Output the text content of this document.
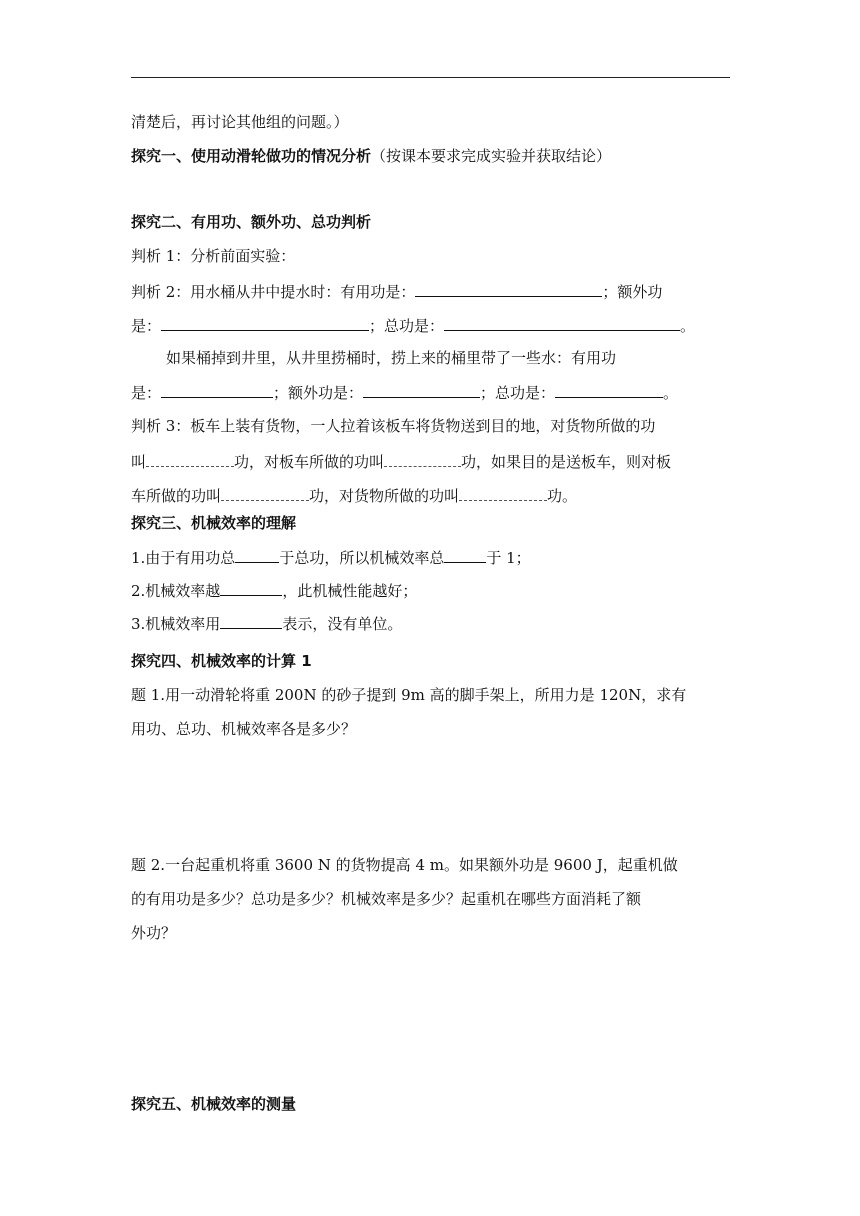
清楚后，再讨论其他组的问题。）
探究一、使用动滑轮做功的情况分析（按课本要求完成实验并获取结论）
探究二、有用功、额外功、总功判析
判析 1：分析前面实验：
判析 2：用水桶从井中提水时：有用功是：	；额外功
是：	；总功是：	。
如果桶掉到井里，从井里捞桶时，捞上来的桶里带了一些水：有用功
是：	；额外功是：	；总功是：	。
判析 3：板车上装有货物，一人拉着该板车将货物送到目的地，对货物所做的功
叫	功，对板车所做的功叫	功，如果目的是送板车，则对板
车所做的功叫	功，对货物所做的功叫	功。
探究三、机械效率的理解
1.由于有用功总	于总功，所以机械效率总	于 1；
2.机械效率越	，此机械性能越好；
3.机械效率用	表示，没有单位。
探究四、机械效率的计算 1
题 1.用一动滑轮将重 200N 的砂子提到 9m 高的脚手架上，所用力是 120N，求有
用功、总功、机械效率各是多少？
题 2.一台起重机将重 3600 N 的货物提高 4 m。如果额外功是 9600 J，起重机做
的有用功是多少？总功是多少？机械效率是多少？起重机在哪些方面消耗了额
外功？
探究五、机械效率的测量
